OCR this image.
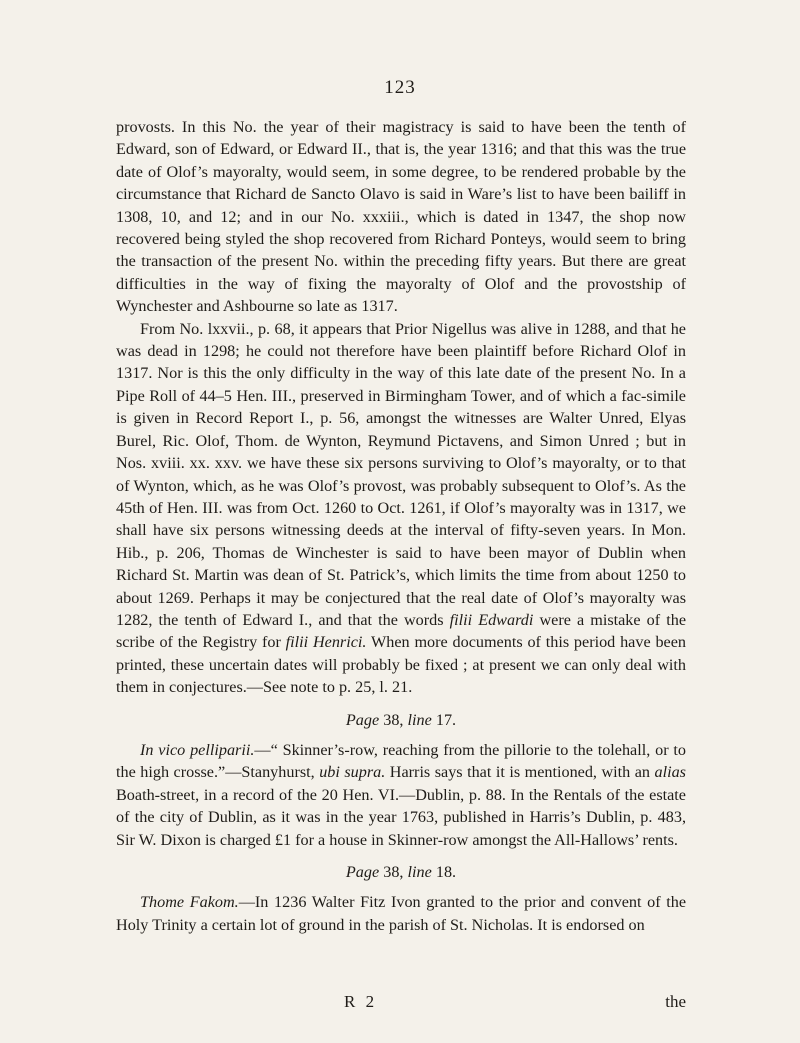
123

provosts. In this No. the year of their magistracy is said to have been the tenth of Edward, son of Edward, or Edward II., that is, the year 1316; and that this was the true date of Olof’s mayoralty, would seem, in some degree, to be rendered probable by the circumstance that Richard de Sancto Olavo is said in Ware’s list to have been bailiff in 1308, 10, and 12; and in our No. xxxiii., which is dated in 1347, the shop now recovered being styled the shop recovered from Richard Ponteys, would seem to bring the transaction of the present No. within the preceding fifty years. But there are great difficulties in the way of fixing the mayoralty of Olof and the provostship of Wynchester and Ashbourne so late as 1317.

From No. lxxvii., p. 68, it appears that Prior Nigellus was alive in 1288, and that he was dead in 1298; he could not therefore have been plaintiff before Richard Olof in 1317. Nor is this the only difficulty in the way of this late date of the present No. In a Pipe Roll of 44–5 Hen. III., preserved in Birmingham Tower, and of which a fac-simile is given in Record Report I., p. 56, amongst the witnesses are Walter Unred, Elyas Burel, Ric. Olof, Thom. de Wynton, Reymund Pictavens, and Simon Unred ; but in Nos. xviii. xx. xxv. we have these six persons surviving to Olof’s mayoralty, or to that of Wynton, which, as he was Olof’s provost, was probably subsequent to Olof’s. As the 45th of Hen. III. was from Oct. 1260 to Oct. 1261, if Olof’s mayoralty was in 1317, we shall have six persons witnessing deeds at the interval of fifty-seven years. In Mon. Hib., p. 206, Thomas de Winchester is said to have been mayor of Dublin when Richard St. Martin was dean of St. Patrick’s, which limits the time from about 1250 to about 1269. Perhaps it may be conjectured that the real date of Olof’s mayoralty was 1282, the tenth of Edward I., and that the words filii Edwardi were a mistake of the scribe of the Registry for filii Henrici. When more documents of this period have been printed, these uncertain dates will probably be fixed ; at present we can only deal with them in conjectures.—See note to p. 25, l. 21.

Page 38, line 17.

In vico pelliparii.—“ Skinner’s-row, reaching from the pillorie to the tolehall, or to the high crosse.”—Stanyhurst, ubi supra. Harris says that it is mentioned, with an alias Boath-street, in a record of the 20 Hen. VI.—Dublin, p. 88. In the Rentals of the estate of the city of Dublin, as it was in the year 1763, published in Harris’s Dublin, p. 483, Sir W. Dixon is charged £1 for a house in Skinner-row amongst the All-Hallows’ rents.

Page 38, line 18.

Thome Fakom.—In 1236 Walter Fitz Ivon granted to the prior and convent of the Holy Trinity a certain lot of ground in the parish of St. Nicholas. It is endorsed on

R 2	the
